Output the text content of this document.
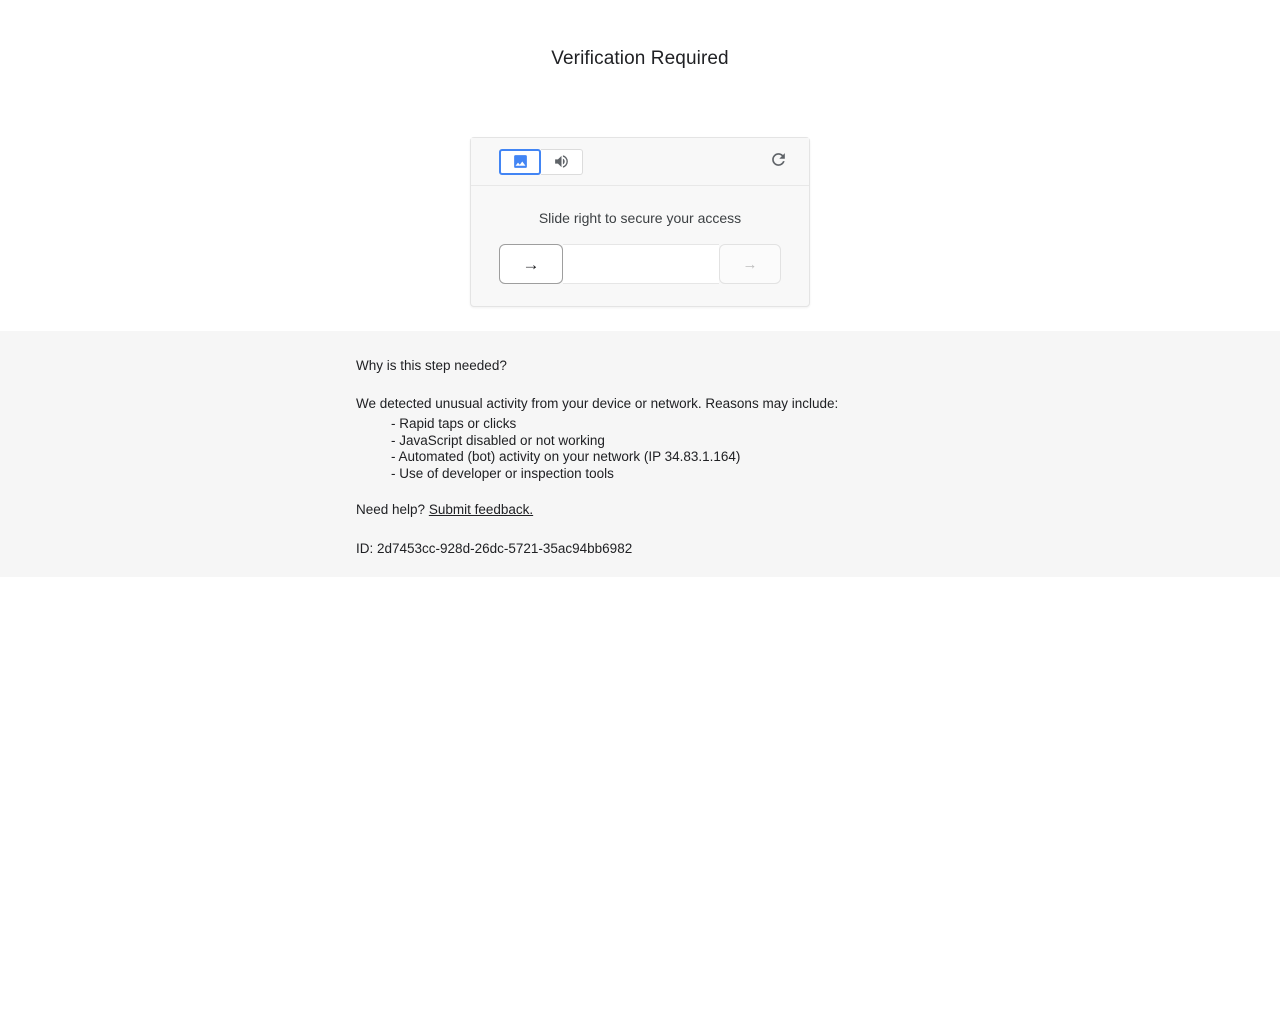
Verification Required
Slide right to secure your access
→	→

Why is this step needed?

We detected unusual activity from your device or network. Reasons may include:

- Rapid taps or clicks
- JavaScript disabled or not working
- Automated (bot) activity on your network (IP 34.83.1.164)
- Use of developer or inspection tools

Need help? Submit feedback.

ID: 2d7453cc-928d-26dc-5721-35ac94bb6982
